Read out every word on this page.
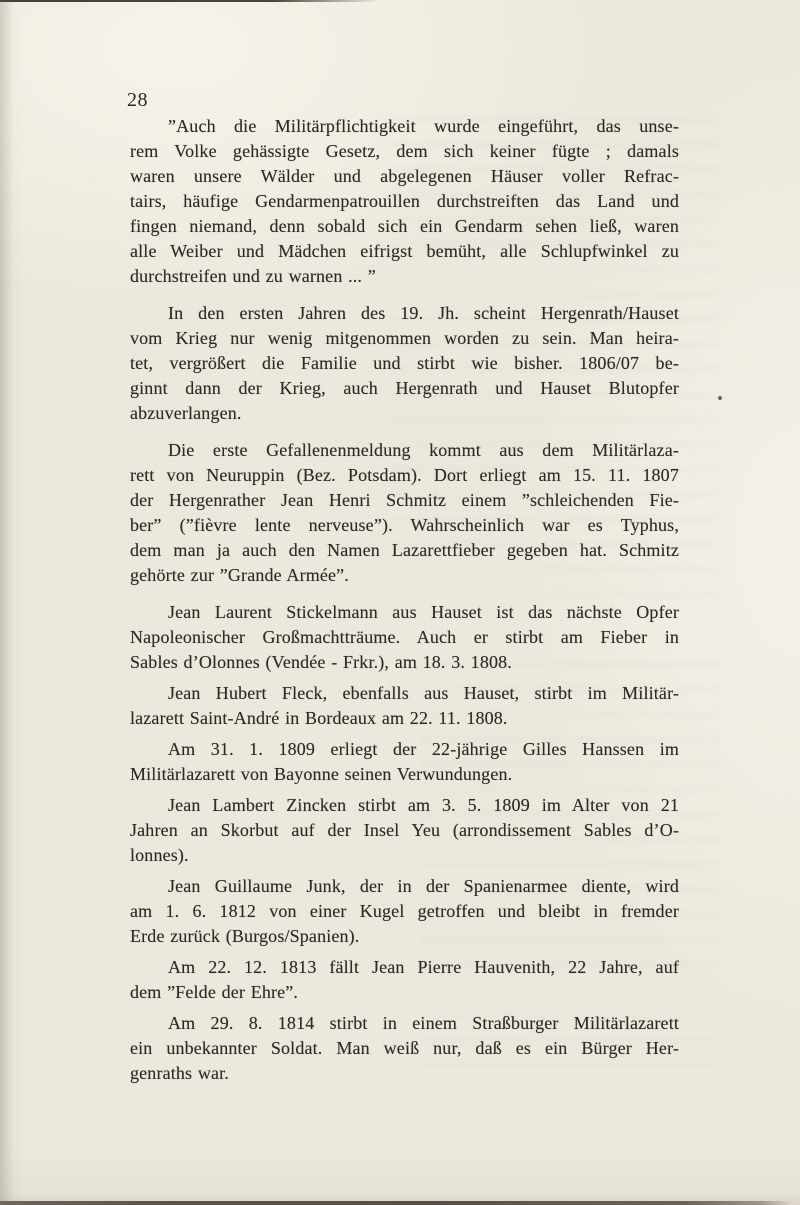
28
”Auch die Militärpflichtigkeit wurde eingeführt, das unse-
rem Volke gehässigte Gesetz, dem sich keiner fügte ; damals
waren unsere Wälder und abgelegenen Häuser voller Refrac-
tairs, häufige Gendarmenpatrouillen durchstreiften das Land und
fingen niemand, denn sobald sich ein Gendarm sehen ließ, waren
alle Weiber und Mädchen eifrigst bemüht, alle Schlupfwinkel zu
durchstreifen und zu warnen ... ”
In den ersten Jahren des 19. Jh. scheint Hergenrath/Hauset
vom Krieg nur wenig mitgenommen worden zu sein. Man heira-
tet, vergrößert die Familie und stirbt wie bisher. 1806/07 be-
ginnt dann der Krieg, auch Hergenrath und Hauset Blutopfer
abzuverlangen.
Die erste Gefallenenmeldung kommt aus dem Militärlaza-
rett von Neuruppin (Bez. Potsdam). Dort erliegt am 15. 11. 1807
der Hergenrather Jean Henri Schmitz einem ”schleichenden Fie-
ber” (”fièvre lente nerveuse”). Wahrscheinlich war es Typhus,
dem man ja auch den Namen Lazarettfieber gegeben hat. Schmitz
gehörte zur ”Grande Armée”.
Jean Laurent Stickelmann aus Hauset ist das nächste Opfer
Napoleonischer Großmachtträume. Auch er stirbt am Fieber in
Sables d’Olonnes (Vendée - Frkr.), am 18. 3. 1808.
Jean Hubert Fleck, ebenfalls aus Hauset, stirbt im Militär-
lazarett Saint-André in Bordeaux am 22. 11. 1808.
Am 31. 1. 1809 erliegt der 22-jährige Gilles Hanssen im
Militärlazarett von Bayonne seinen Verwundungen.
Jean Lambert Zincken stirbt am 3. 5. 1809 im Alter von 21
Jahren an Skorbut auf der Insel Yeu (arrondissement Sables d’O-
lonnes).
Jean Guillaume Junk, der in der Spanienarmee diente, wird
am 1. 6. 1812 von einer Kugel getroffen und bleibt in fremder
Erde zurück (Burgos/Spanien).
Am 22. 12. 1813 fällt Jean Pierre Hauvenith, 22 Jahre, auf
dem ”Felde der Ehre”.
Am 29. 8. 1814 stirbt in einem Straßburger Militärlazarett
ein unbekannter Soldat. Man weiß nur, daß es ein Bürger Her-
genraths war.
